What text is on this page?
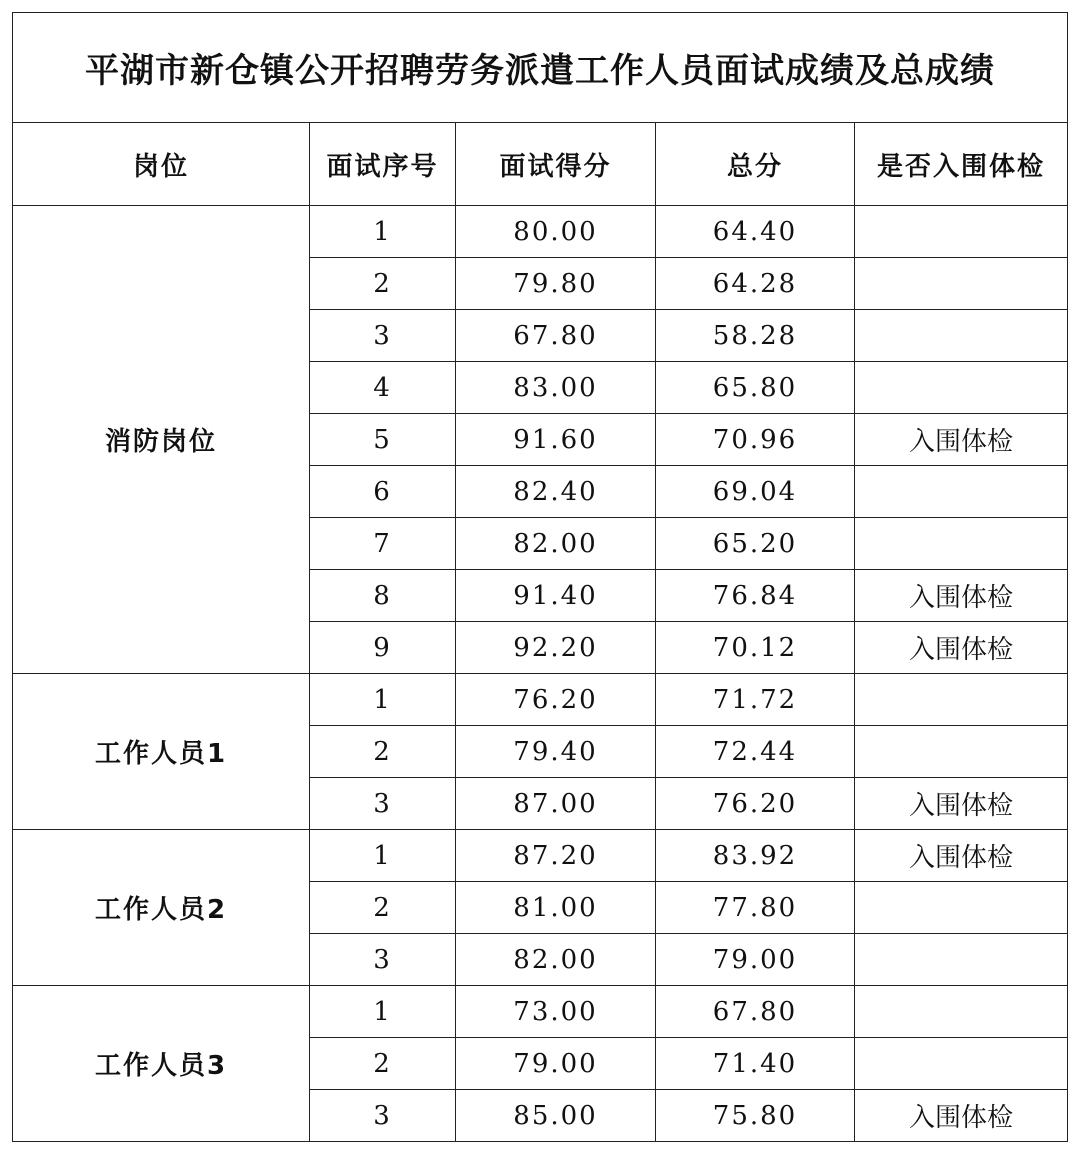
平湖市新仓镇公开招聘劳务派遣工作人员面试成绩及总成绩				
岗位	面试序号	面试得分	总分	是否入围体检
消防岗位	1	80.00	64.40	
	2	79.80	64.28	
	3	67.80	58.28	
	4	83.00	65.80	
	5	91.60	70.96	入围体检
	6	82.40	69.04	
	7	82.00	65.20	
	8	91.40	76.84	入围体检
	9	92.20	70.12	入围体检
工作人员1	1	76.20	71.72	
	2	79.40	72.44	
	3	87.00	76.20	入围体检
工作人员2	1	87.20	83.92	入围体检
	2	81.00	77.80	
	3	82.00	79.00	
工作人员3	1	73.00	67.80	
	2	79.00	71.40	
	3	85.00	75.80	入围体检
